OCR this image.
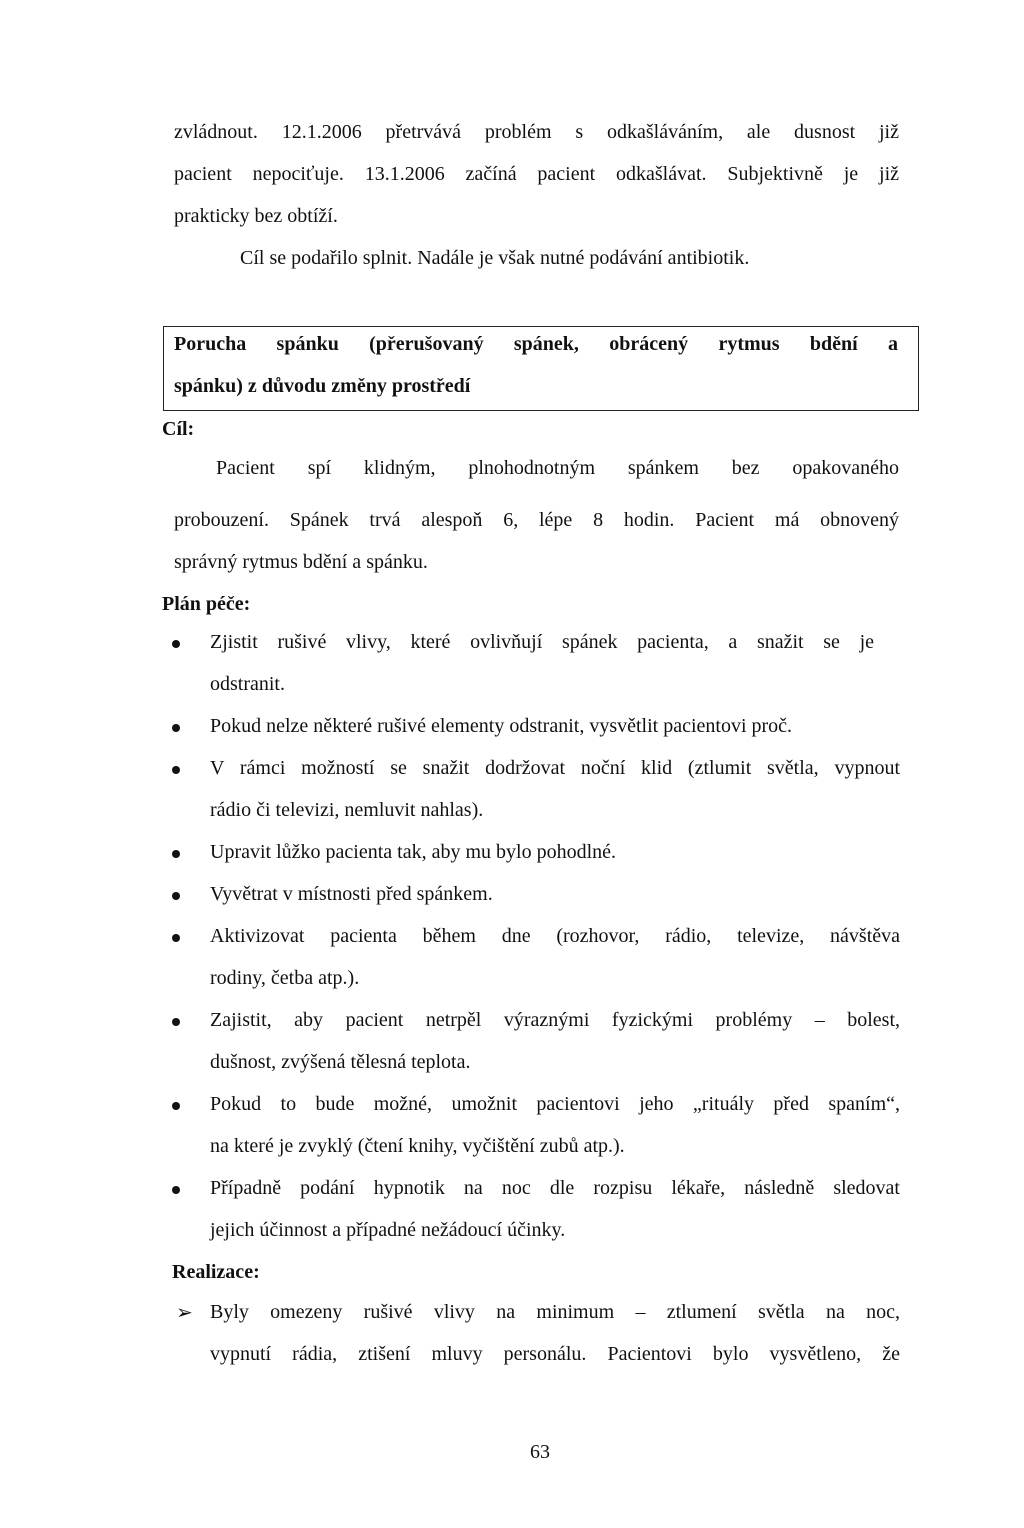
zvládnout. 12.1.2006 přetrvává problém s odkašláváním, ale dusnost již
pacient nepociťuje. 13.1.2006 začíná pacient odkašlávat. Subjektivně je již
prakticky bez obtíží.
Cíl se podařilo splnit. Nadále je však nutné podávání antibiotik.
Porucha spánku (přerušovaný spánek, obrácený rytmus bdění a
spánku) z důvodu změny prostředí
Cíl:
Pacient spí klidným, plnohodnotným spánkem bez opakovaného
probouzení. Spánek trvá alespoň 6, lépe 8 hodin. Pacient má obnovený
správný rytmus bdění a spánku.
Plán péče:
Zjistit rušivé vlivy, které ovlivňují spánek pacienta, a snažit se je
odstranit.
Pokud nelze některé rušivé elementy odstranit, vysvětlit pacientovi proč.
V rámci možností se snažit dodržovat noční klid (ztlumit světla, vypnout
rádio či televizi, nemluvit nahlas).
Upravit lůžko pacienta tak, aby mu bylo pohodlné.
Vyvětrat v místnosti před spánkem.
Aktivizovat pacienta během dne (rozhovor, rádio, televize, návštěva
rodiny, četba atp.).
Zajistit, aby pacient netrpěl výraznými fyzickými problémy – bolest,
dušnost, zvýšená tělesná teplota.
Pokud to bude možné, umožnit pacientovi jeho „rituály před spaním“,
na které je zvyklý (čtení knihy, vyčištění zubů atp.).
Případně podání hypnotik na noc dle rozpisu lékaře, následně sledovat
jejich účinnost a případné nežádoucí účinky.
Realizace:
➢ Byly omezeny rušivé vlivy na minimum – ztlumení světla na noc,
vypnutí rádia, ztišení mluvy personálu. Pacientovi bylo vysvětleno, že
63
